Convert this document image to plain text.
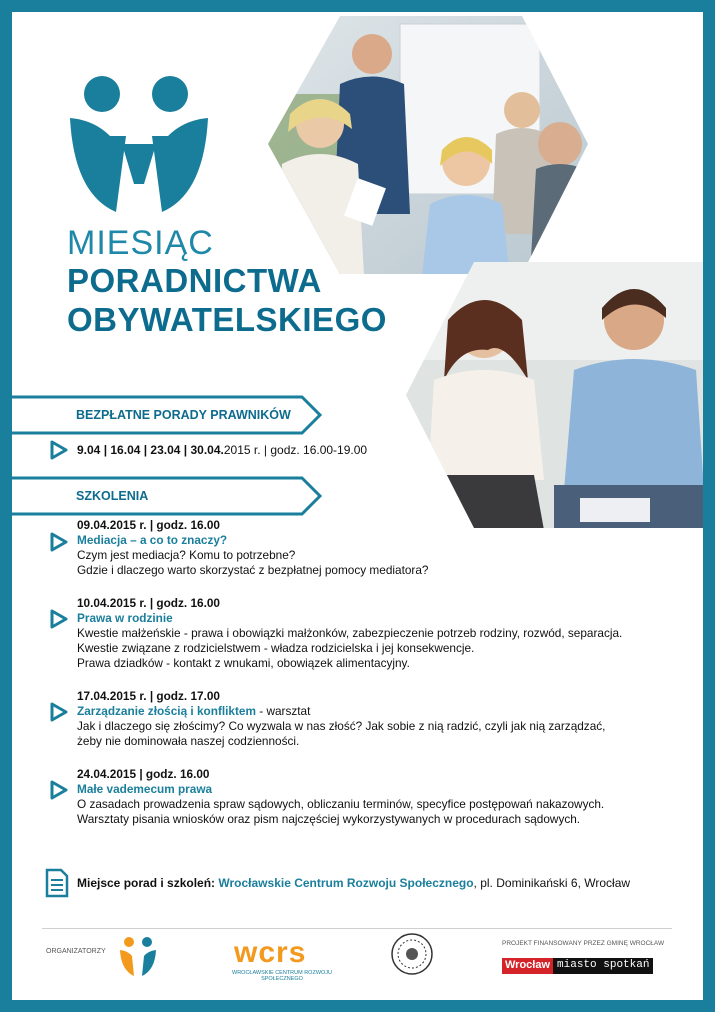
MIESIĄC
PORADNICTWA
OBYWATELSKIEGO
BEZPŁATNE PORADY PRAWNIKÓW
9.04 | 16.04 | 23.04 | 30.04.2015 r. | godz. 16.00-19.00
SZKOLENIA
09.04.2015 r. | godz. 16.00
Mediacja – a co to znaczy?
Czym jest mediacja? Komu to potrzebne?
Gdzie i dlaczego warto skorzystać z bezpłatnej pomocy mediatora?
10.04.2015 r. | godz. 16.00
Prawa w rodzinie
Kwestie małżeńskie - prawa i obowiązki małżonków, zabezpieczenie potrzeb rodziny, rozwód, separacja.
Kwestie związane z rodzicielstwem - władza rodzicielska i jej konsekwencje.
Prawa dziadków - kontakt z wnukami, obowiązek alimentacyjny.
17.04.2015 r. | godz. 17.00
Zarządzanie złością i konfliktem - warsztat
Jak i dlaczego się złościmy? Co wyzwala w nas złość? Jak sobie z nią radzić, czyli jak nią zarządzać,
żeby nie dominowała naszej codzienności.
24.04.2015 | godz. 16.00
Małe vademecum prawa
O zasadach prowadzenia spraw sądowych, obliczaniu terminów, specyfice postępowań nakazowych.
Warsztaty pisania wniosków oraz pism najczęściej wykorzystywanych w procedurach sądowych.
Miejsce porad i szkoleń: Wrocławskie Centrum Rozwoju Społecznego, pl. Dominikański 6, Wrocław
ORGANIZATORZY	wcrs
WROCŁAWSKIE CENTRUM ROZWOJU SPOŁECZNEGO
PROJEKT FINANSOWANY PRZEZ GMINĘ WROCŁAW
Wrocław miasto spotkań
